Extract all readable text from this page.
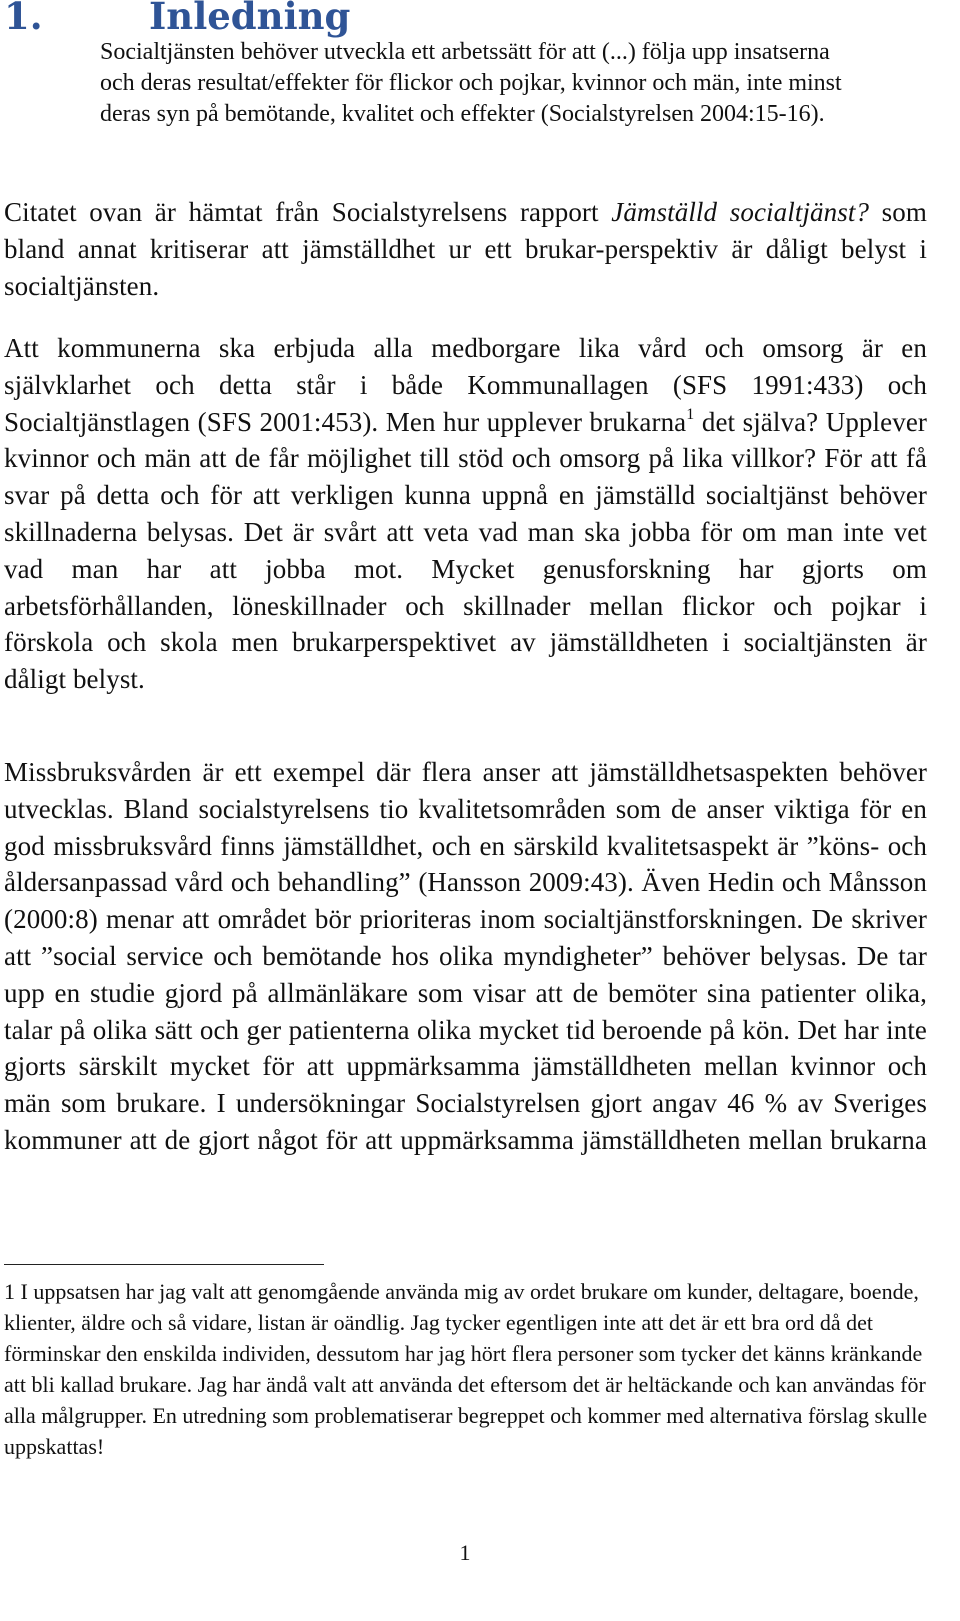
1.	Inledning

Socialtjänsten behöver utveckla ett arbetssätt för att (...) följa upp insatserna och deras resultat/effekter för flickor och pojkar, kvinnor och män, inte minst deras syn på bemötande, kvalitet och effekter (Socialstyrelsen 2004:15-16).

Citatet ovan är hämtat från Socialstyrelsens rapport Jämställd socialtjänst? som bland annat kritiserar att jämställdhet ur ett brukar-perspektiv är dåligt belyst i socialtjänsten.

Att kommunerna ska erbjuda alla medborgare lika vård och omsorg är en självklarhet och detta står i både Kommunallagen (SFS 1991:433) och Socialtjänstlagen (SFS 2001:453). Men hur upplever brukarna$^1$ det själva? Upplever kvinnor och män att de får möjlighet till stöd och omsorg på lika villkor? För att få svar på detta och för att verkligen kunna uppnå en jämställd socialtjänst behöver skillnaderna belysas. Det är svårt att veta vad man ska jobba för om man inte vet vad man har att jobba mot. Mycket genusforskning har gjorts om arbetsförhållanden, löneskillnader och skillnader mellan flickor och pojkar i förskola och skola men brukarperspektivet av jämställdheten i socialtjänsten är dåligt belyst.

Missbruksvården är ett exempel där flera anser att jämställdhetsaspekten behöver utvecklas. Bland socialstyrelsens tio kvalitetsområden som de anser viktiga för en god missbruksvård finns jämställdhet, och en särskild kvalitetsaspekt är ”köns- och åldersanpassad vård och behandling” (Hansson 2009:43). Även Hedin och Månsson (2000:8) menar att området bör prioriteras inom socialtjänstforskningen. De skriver att ”social service och bemötande hos olika myndigheter” behöver belysas. De tar upp en studie gjord på allmänläkare som visar att de bemöter sina patienter olika, talar på olika sätt och ger patienterna olika mycket tid beroende på kön. Det har inte gjorts särskilt mycket för att uppmärksamma jämställdheten mellan kvinnor och män som brukare. I undersökningar Socialstyrelsen gjort angav 46 % av Sveriges kommuner att de gjort något för att uppmärksamma jämställdheten mellan brukarna

1 I uppsatsen har jag valt att genomgående använda mig av ordet brukare om kunder, deltagare, boende, klienter, äldre och så vidare, listan är oändlig. Jag tycker egentligen inte att det är ett bra ord då det förminskar den enskilda individen, dessutom har jag hört flera personer som tycker det känns kränkande att bli kallad brukare. Jag har ändå valt att använda det eftersom det är heltäckande och kan användas för alla målgrupper. En utredning som problematiserar begreppet och kommer med alternativa förslag skulle uppskattas!

1
